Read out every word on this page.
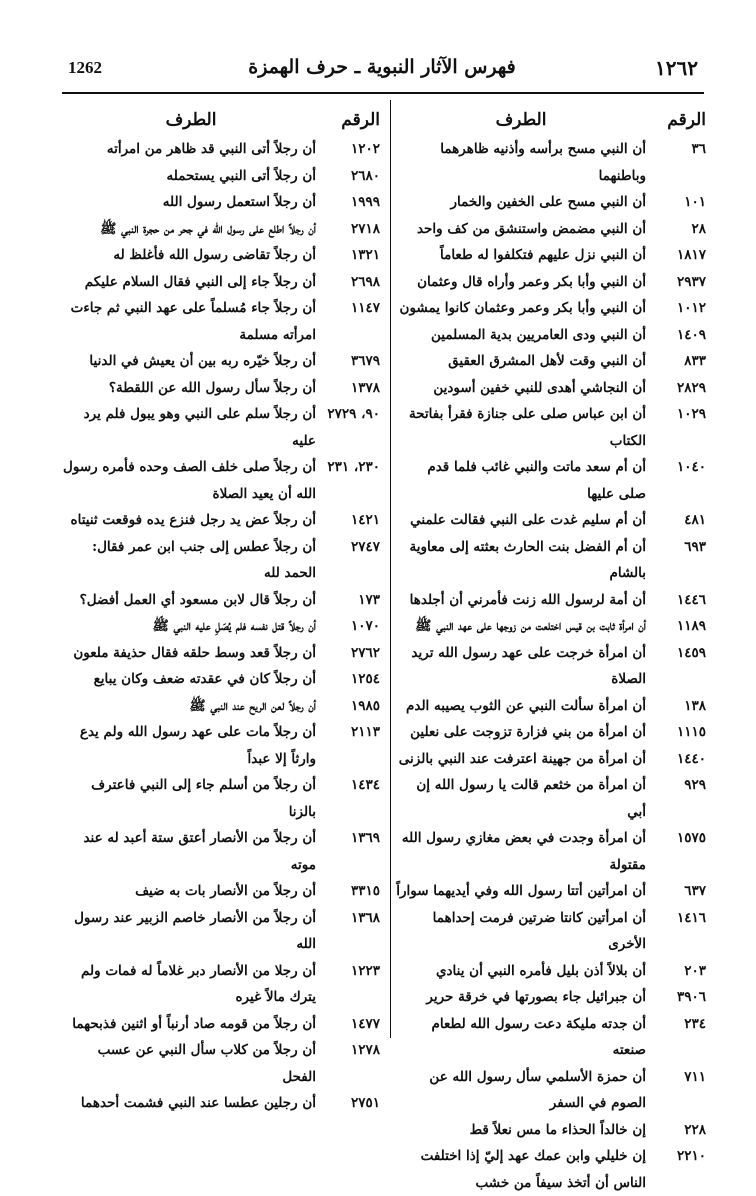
1262	فهرس الآثار النبوية ـ حرف الهمزة	١٢٦٢
الرقم
الطرف
٣٦
أن النبي مسح برأسه وأذنيه ظاهرهما وباطنهما
١٠١
أن النبي مسح على الخفين والخمار
٢٨
أن النبي مضمض واستنشق من كف واحد
١٨١٧
أن النبي نزل عليهم فتكلفوا له طعاماً
٢٩٣٧
أن النبي وأبا بكر وعمر وأراه قال وعثمان
١٠١٢
أن النبي وأبا بكر وعمر وعثمان كانوا يمشون
١٤٠٩
أن النبي ودى العامريين بدية المسلمين
٨٣٣
أن النبي وقت لأهل المشرق العقيق
٢٨٢٩
أن النجاشي أهدى للنبي خفين أسودين
١٠٢٩
أن ابن عباس صلى على جنازة فقرأ بفاتحة الكتاب
١٠٤٠
أن أم سعد ماتت والنبي غائب فلما قدم صلى عليها
٤٨١
أن أم سليم غدت على النبي فقالت علمني
٦٩٣
أن أم الفضل بنت الحارث بعثته إلى معاوية بالشام
١٤٤٦
أن أمة لرسول الله زنت فأمرني أن أجلدها
١١٨٩
أن امرأة ثابت بن قيس اختلعت من زوجها على عهد النبي ﷺ
١٤٥٩
أن امرأة خرجت على عهد رسول الله تريد الصلاة
١٣٨
أن امرأة سألت النبي عن الثوب يصيبه الدم
١١١٥
أن امرأة من بني فزارة تزوجت على نعلين
١٤٤٠
أن امرأة من جهينة اعترفت عند النبي بالزنى
٩٢٩
أن امرأة من خثعم قالت يا رسول الله إن أبي
١٥٧٥
أن امرأة وجدت في بعض مغازي رسول الله مقتولة
٦٣٧
أن امرأتين أتتا رسول الله وفي أيديهما سواراً
١٤١٦
أن امرأتين كانتا ضرتين فرمت إحداهما الأخرى
٢٠٣
أن بلالاً أذن بليل فأمره النبي أن ينادي
٣٩٠٦
أن جبرائيل جاء بصورتها في خرقة حرير
٢٣٤
أن جدته مليكة دعت رسول الله لطعام صنعته
٧١١
أن حمزة الأسلمي سأل رسول الله عن الصوم في السفر
٢٢٨
إن خالداً الحذاء ما مس نعلاً قط
٢٢١٠
إن خليلي وابن عمك عهد إليّ إذا اختلفت الناس أن أتخذ سيفاً من خشب
الرقم
الطرف
١٢٠٢
أن رجلاً أتى النبي قد ظاهر من امرأته
٢٦٨٠
أن رجلاً أتى النبي يستحمله
١٩٩٩
أن رجلاً استعمل رسول الله
٢٧١٨
أن رجلاً اطلع على رسول الله في جحر من حجرة النبي ﷺ
١٣٢١
أن رجلاً تقاضى رسول الله فأغلظ له
٢٦٩٨
أن رجلاً جاء إلى النبي فقال السلام عليكم
١١٤٧
أن رجلاً جاء مُسلماً على عهد النبي ثم جاءت امرأته مسلمة
٣٦٧٩
أن رجلاً خيّره ربه بين أن يعيش في الدنيا
١٣٧٨
أن رجلاً سأل رسول الله عن اللقطة؟
٩٠، ٢٧٢٩
أن رجلاً سلم على النبي وهو يبول فلم يرد عليه
٢٣٠، ٢٣١
أن رجلاً صلى خلف الصف وحده فأمره رسول الله أن يعيد الصلاة
١٤٢١
أن رجلاً عض يد رجل فنزع يده فوقعت ثنيتاه
٢٧٤٧
أن رجلاً عطس إلى جنب ابن عمر فقال: الحمد لله
١٧٣
أن رجلاً قال لابن مسعود أي العمل أفضل؟
١٠٧٠
أن رجلاً قتل نفسه فلم يُصَلِ عليه النبي ﷺ
٢٧٦٢
أن رجلاً قعد وسط حلقه فقال حذيفة ملعون
١٢٥٤
أن رجلاً كان في عقدته ضعف وكان يبايع
١٩٨٥
أن رجلاً لعن الريح عند النبي ﷺ
٢١١٣
أن رجلاً مات على عهد رسول الله ولم يدع وارثاً إلا عبداً
١٤٣٤
أن رجلاً من أسلم جاء إلى النبي فاعترف بالزنا
١٣٦٩
أن رجلاً من الأنصار أعتق ستة أعبد له عند موته
٣٣١٥
أن رجلاً من الأنصار بات به ضيف
١٣٦٨
أن رجلاً من الأنصار خاصم الزبير عند رسول الله
١٢٢٣
أن رجلا من الأنصار دبر غلاماً له فمات ولم يترك مالاً غيره
١٤٧٧
أن رجلاً من قومه صاد أرنباً أو اثنين فذبحهما
١٢٧٨
أن رجلاً من كلاب سأل النبي عن عسب الفحل
٢٧٥١
أن رجلين عطسا عند النبي فشمت أحدهما
